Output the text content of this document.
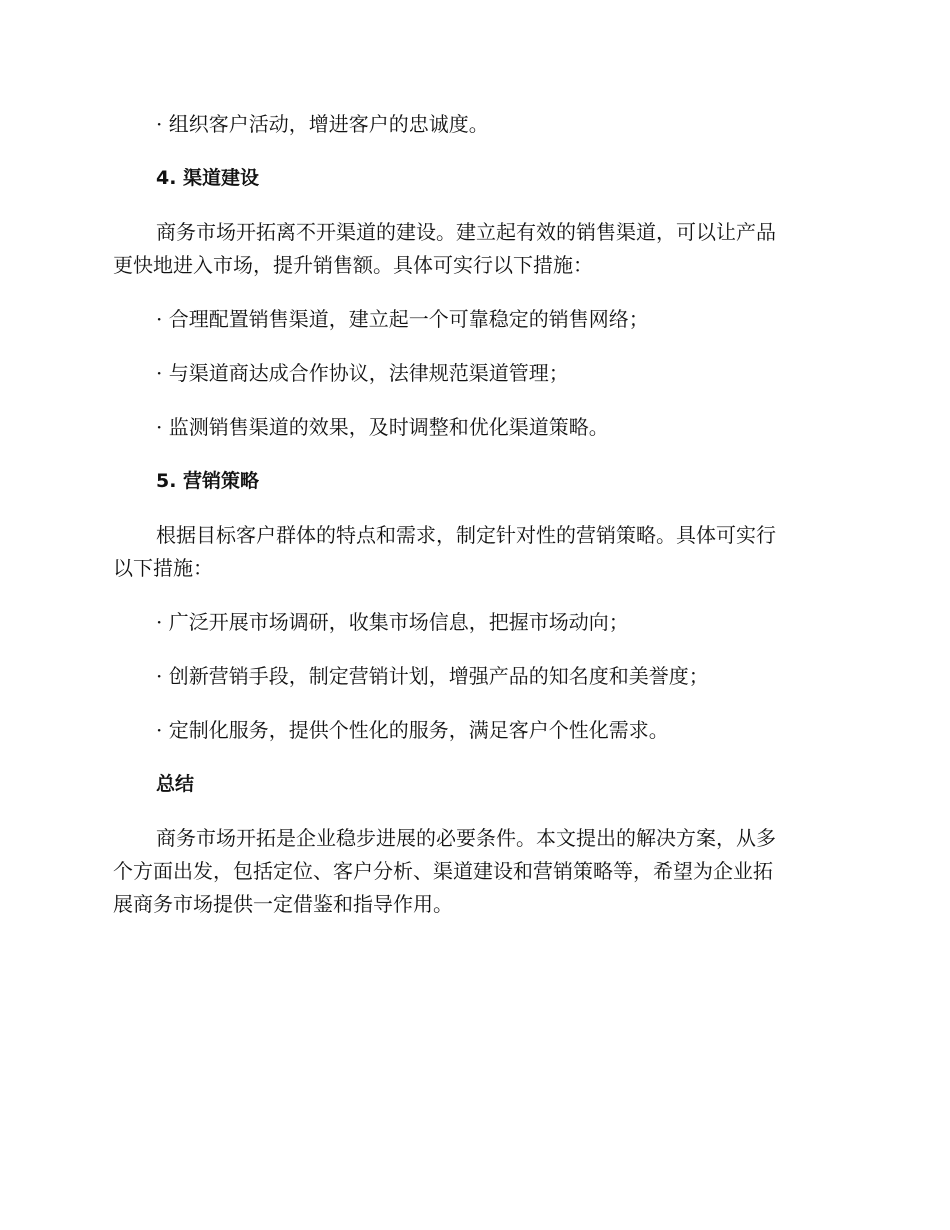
· 组织客户活动，增进客户的忠诚度。

4. 渠道建设

商务市场开拓离不开渠道的建设。建立起有效的销售渠道，可以让产品
更快地进入市场，提升销售额。具体可实行以下措施：

· 合理配置销售渠道，建立起一个可靠稳定的销售网络；

· 与渠道商达成合作协议，法律规范渠道管理；

· 监测销售渠道的效果，及时调整和优化渠道策略。

5. 营销策略

根据目标客户群体的特点和需求，制定针对性的营销策略。具体可实行
以下措施：

· 广泛开展市场调研，收集市场信息，把握市场动向；

· 创新营销手段，制定营销计划，增强产品的知名度和美誉度；

· 定制化服务，提供个性化的服务，满足客户个性化需求。

总结

商务市场开拓是企业稳步进展的必要条件。本文提出的解决方案，从多
个方面出发，包括定位、客户分析、渠道建设和营销策略等，希望为企业拓
展商务市场提供一定借鉴和指导作用。
